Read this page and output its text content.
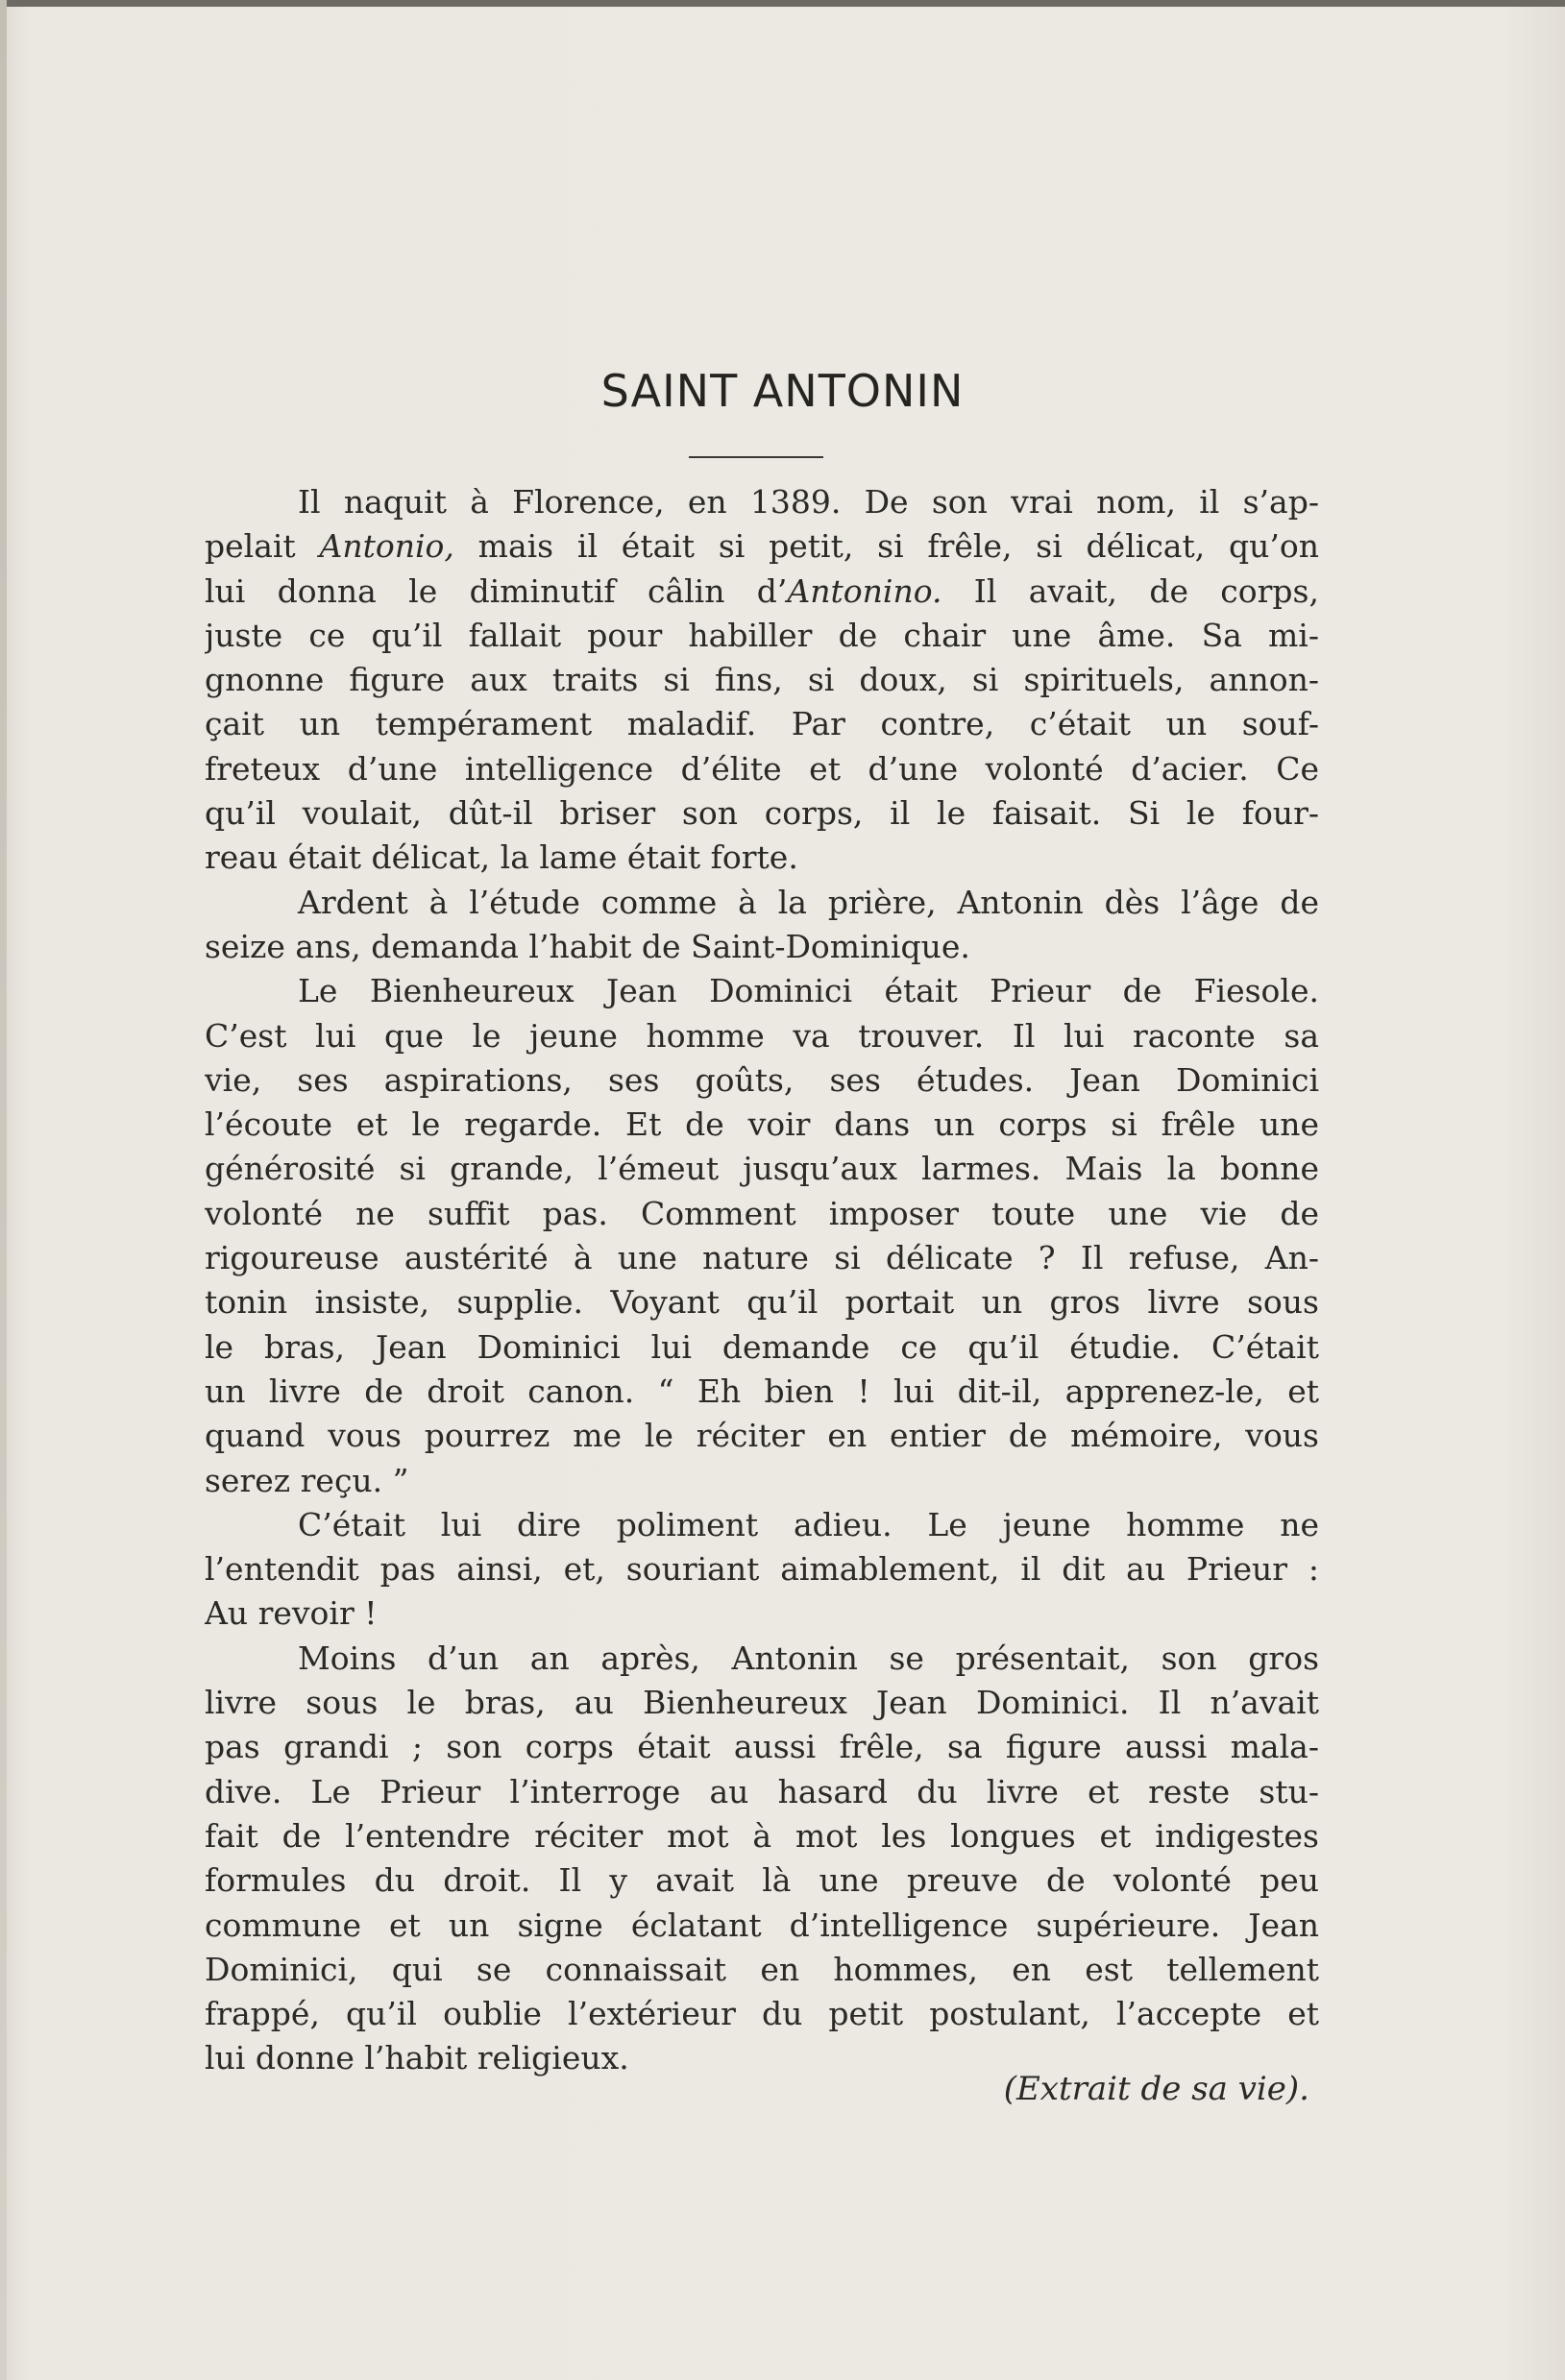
SAINT ANTONIN
Il naquit à Florence, en 1389. De son vrai nom, il s’ap-
pelait Antonio, mais il était si petit, si frêle, si délicat, qu’on
lui donna le diminutif câlin d’Antonino. Il avait, de corps,
juste ce qu’il fallait pour habiller de chair une âme. Sa mi-
gnonne figure aux traits si fins, si doux, si spirituels, annon-
çait un tempérament maladif. Par contre, c’était un souf-
freteux d’une intelligence d’élite et d’une volonté d’acier. Ce
qu’il voulait, dût-il briser son corps, il le faisait. Si le four-
reau était délicat, la lame était forte.
Ardent à l’étude comme à la prière, Antonin dès l’âge de
seize ans, demanda l’habit de Saint-Dominique.
Le Bienheureux Jean Dominici était Prieur de Fiesole.
C’est lui que le jeune homme va trouver. Il lui raconte sa
vie, ses aspirations, ses goûts, ses études. Jean Dominici
l’écoute et le regarde. Et de voir dans un corps si frêle une
générosité si grande, l’émeut jusqu’aux larmes. Mais la bonne
volonté ne suffit pas. Comment imposer toute une vie de
rigoureuse austérité à une nature si délicate ? Il refuse, An-
tonin insiste, supplie. Voyant qu’il portait un gros livre sous
le bras, Jean Dominici lui demande ce qu’il étudie. C’était
un livre de droit canon. “ Eh bien ! lui dit-il, apprenez-le, et
quand vous pourrez me le réciter en entier de mémoire, vous
serez reçu. ”
C’était lui dire poliment adieu. Le jeune homme ne
l’entendit pas ainsi, et, souriant aimablement, il dit au Prieur :
Au revoir !
Moins d’un an après, Antonin se présentait, son gros
livre sous le bras, au Bienheureux Jean Dominici. Il n’avait
pas grandi ; son corps était aussi frêle, sa figure aussi mala-
dive. Le Prieur l’interroge au hasard du livre et reste stu-
fait de l’entendre réciter mot à mot les longues et indigestes
formules du droit. Il y avait là une preuve de volonté peu
commune et un signe éclatant d’intelligence supérieure. Jean
Dominici, qui se connaissait en hommes, en est tellement
frappé, qu’il oublie l’extérieur du petit postulant, l’accepte et
lui donne l’habit religieux.
(Extrait de sa vie).
